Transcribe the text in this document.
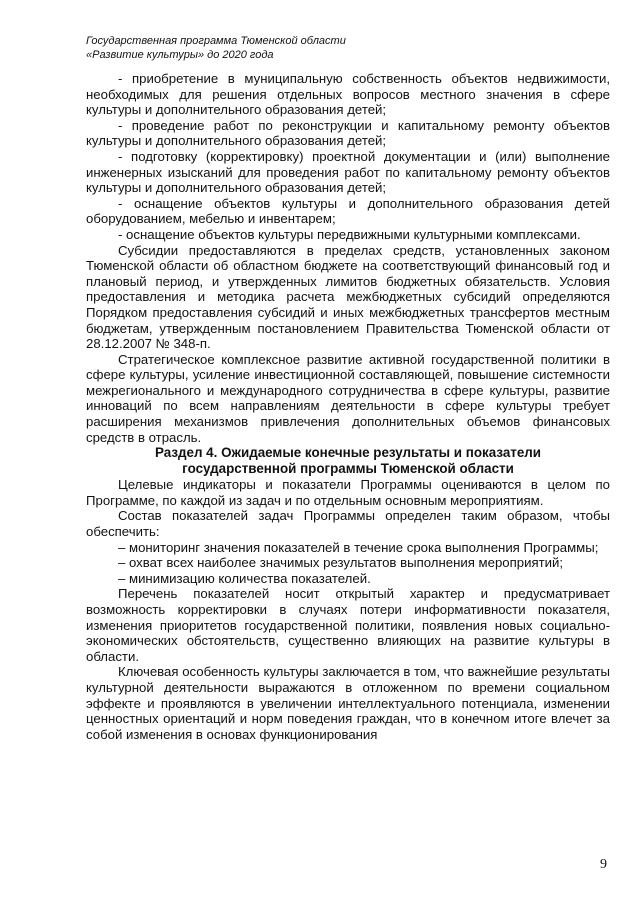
Государственная программа Тюменской области
«Развитие культуры» до 2020 года

- приобретение в муниципальную собственность объектов недвижимости, необходимых для решения отдельных вопросов местного значения в сфере культуры и дополнительного образования детей;

- проведение работ по реконструкции и капитальному ремонту объектов культуры и дополнительного образования детей;

- подготовку (корректировку) проектной документации и (или) выполнение инженерных изысканий для проведения работ по капитальному ремонту объектов культуры и дополнительного образования детей;

- оснащение объектов культуры и дополнительного образования детей оборудованием, мебелью и инвентарем;

- оснащение объектов культуры передвижными культурными комплексами.

Субсидии предоставляются в пределах средств, установленных законом Тюменской области об областном бюджете на соответствующий финансовый год и плановый период, и утвержденных лимитов бюджетных обязательств. Условия предоставления и методика расчета межбюджетных субсидий определяются Порядком предоставления субсидий и иных межбюджетных трансфертов местным бюджетам, утвержденным постановлением Правительства Тюменской области от 28.12.2007 № 348-п.

Стратегическое комплексное развитие активной государственной политики в сфере культуры, усиление инвестиционной составляющей, повышение системности межрегионального и международного сотрудничества в сфере культуры, развитие инноваций по всем направлениям деятельности в сфере культуры требует расширения механизмов привлечения дополнительных объемов финансовых средств в отрасль.

Раздел 4. Ожидаемые конечные результаты и показатели
государственной программы Тюменской области

Целевые индикаторы и показатели Программы оцениваются в целом по Программе, по каждой из задач и по отдельным основным мероприятиям.

Состав показателей задач Программы определен таким образом, чтобы обеспечить:

– мониторинг значения показателей в течение срока выполнения Программы;

– охват всех наиболее значимых результатов выполнения мероприятий;

– минимизацию количества показателей.

Перечень показателей носит открытый характер и предусматривает возможность корректировки в случаях потери информативности показателя, изменения приоритетов государственной политики, появления новых социально-экономических обстоятельств, существенно влияющих на развитие культуры в области.

Ключевая особенность культуры заключается в том, что важнейшие результаты культурной деятельности выражаются в отложенном по времени социальном эффекте и проявляются в увеличении интеллектуального потенциала, изменении ценностных ориентаций и норм поведения граждан, что в конечном итоге влечет за собой изменения в основах функционирования

9
